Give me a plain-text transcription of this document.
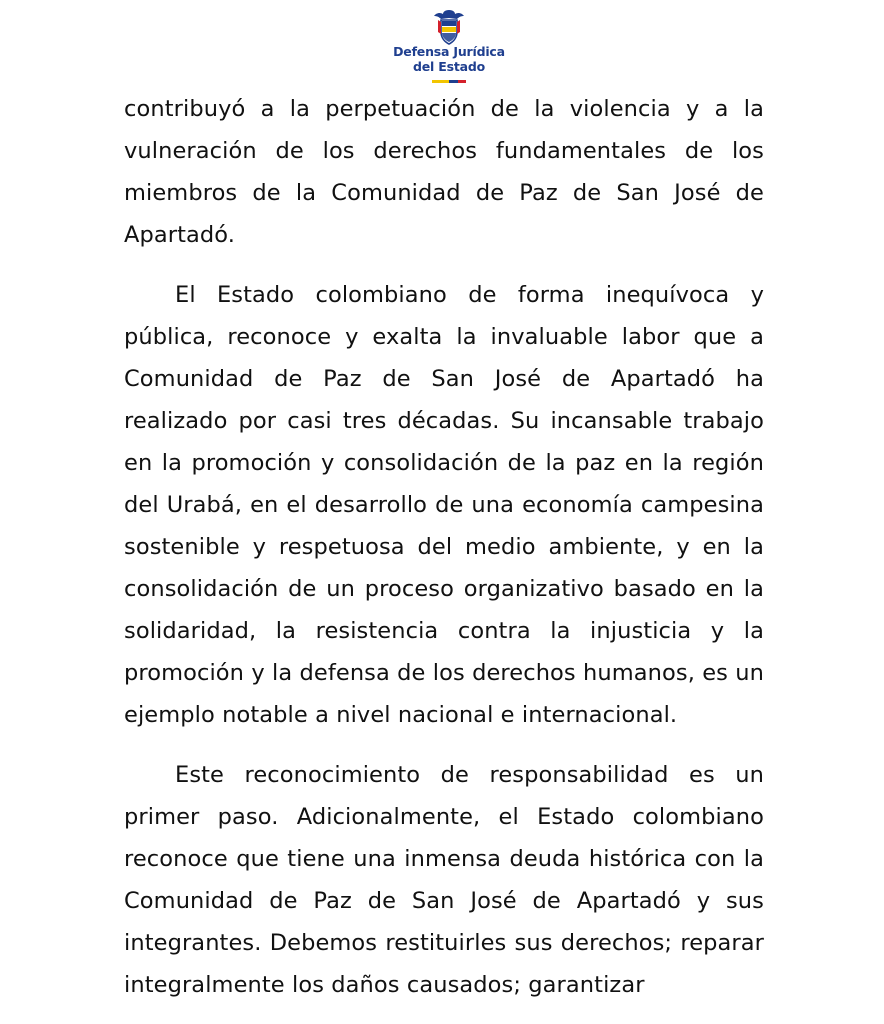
Defensa Jurídica
del Estado

contribuyó a la perpetuación de la violencia y a la vulneración de los derechos fundamentales de los miembros de la Comunidad de Paz de San José de Apartadó.

El Estado colombiano de forma inequívoca y pública, reconoce y exalta la invaluable labor que a Comunidad de Paz de San José de Apartadó ha realizado por casi tres décadas. Su incansable trabajo en la promoción y consolidación de la paz en la región del Urabá, en el desarrollo de una economía campesina sostenible y respetuosa del medio ambiente, y en la consolidación de un proceso organizativo basado en la solidaridad, la resistencia contra la injusticia y la promoción y la defensa de los derechos humanos, es un ejemplo notable a nivel nacional e internacional.

Este reconocimiento de responsabilidad es un primer paso. Adicionalmente, el Estado colombiano reconoce que tiene una inmensa deuda histórica con la Comunidad de Paz de San José de Apartadó y sus integrantes. Debemos restituirles sus derechos; reparar integralmente los daños causados; garantizar
